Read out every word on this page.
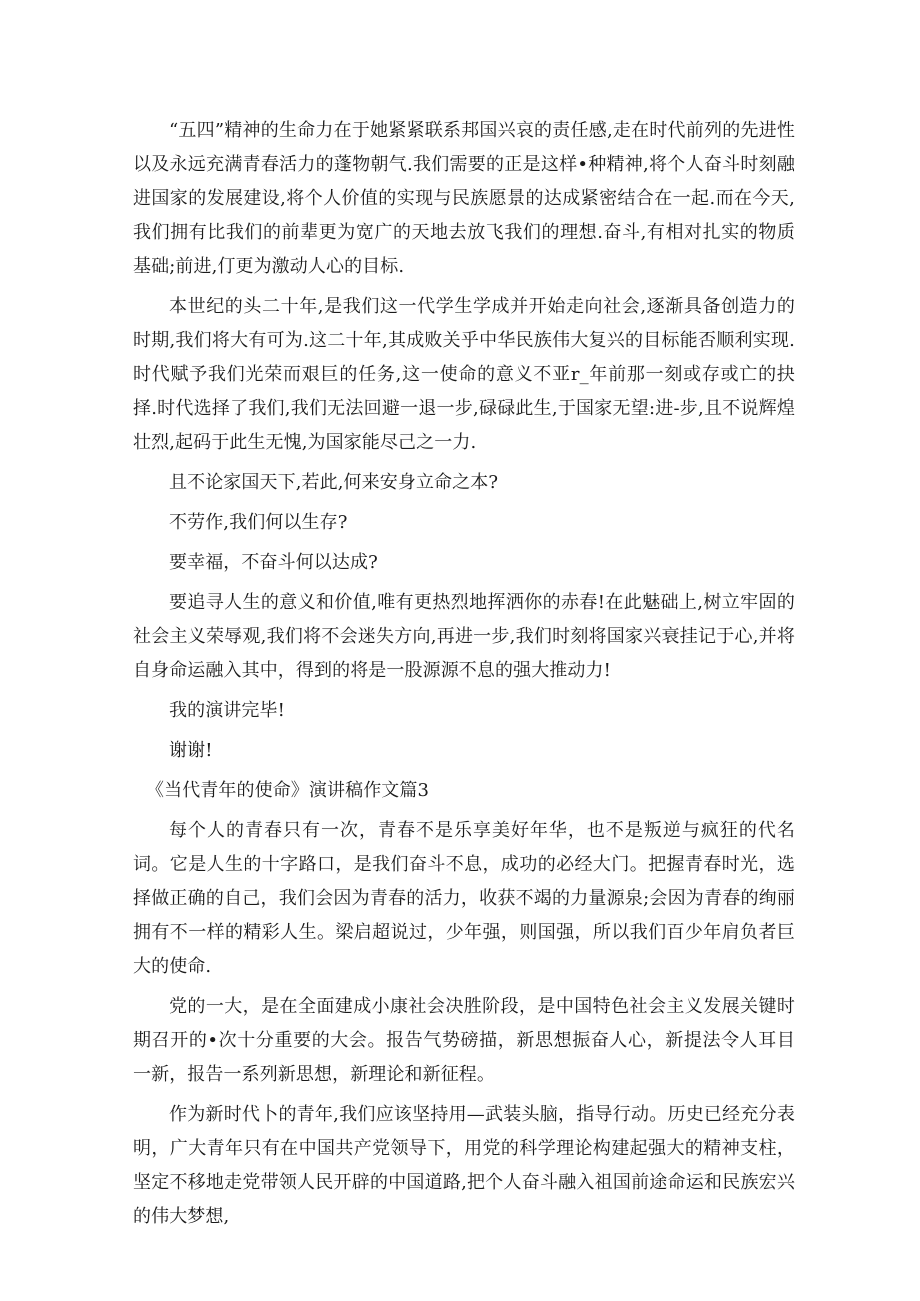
“五四”精神的生命力在于她紧紧联系邦国兴哀的责任感,走在时代前列的先进性以及永远充满青春活力的蓬物朝气.我们需要的正是这样•种精神,将个人奋斗时刻融进国家的发展建设,将个人价值的实现与民族愿景的达成紧密结合在一起.而在今天,我们拥有比我们的前辈更为宽广的天地去放飞我们的理想.奋斗,有相对扎实的物质基础;前进,仃更为激动人心的目标.

本世纪的头二十年,是我们这一代学生学成并开始走向社会,逐渐具备创造力的时期,我们将大有可为.这二十年,其成败关乎中华民族伟大复兴的目标能否顺利实现.时代赋予我们光荣而艰巨的任务,这一使命的意义不亚r_年前那一刻或存或亡的抉择.时代选择了我们,我们无法回避一退一步,碌碌此生,于国家无望:进-步,且不说辉煌壮烈,起码于此生无愧,为国家能尽己之一力.

且不论家国天下,若此,何来安身立命之本?

不劳作,我们何以生存?

要幸福，不奋斗何以达成?

要追寻人生的意义和价值,唯有更热烈地挥洒你的赤春!在此魅础上,树立牢固的社会主义荣辱观,我们将不会迷失方向,再进一步,我们时刻将国家兴衰挂记于心,并将自身命运融入其中，得到的将是一股源源不息的强大推动力!

我的演讲完毕!

谢谢!

《当代青年的使命》演讲稿作文篇3

每个人的青春只有一次，青春不是乐享美好年华，也不是叛逆与疯狂的代名词。它是人生的十字路口，是我们奋斗不息，成功的必经大门。把握青春时光，选择做正确的自己，我们会因为青春的活力，收获不竭的力量源泉;会因为青春的绚丽拥有不一样的精彩人生。梁启超说过，少年强，则国强，所以我们百少年肩负者巨大的使命.

党的一大，是在全面建成小康社会决胜阶段，是中国特色社会主义发展关键时期召开的•次十分重要的大会。报告气势磅描，新思想振奋人心，新提法令人耳目一新，报告一系列新思想，新理论和新征程。

作为新时代卜的青年,我们应该坚持用—武装头脑，指导行动。历史已经充分表明，广大青年只有在中国共产党领导下，用党的科学理论构建起强大的精神支柱，坚定不移地走党带领人民开辟的中国道路,把个人奋斗融入祖国前途命运和民族宏兴的伟大梦想,
